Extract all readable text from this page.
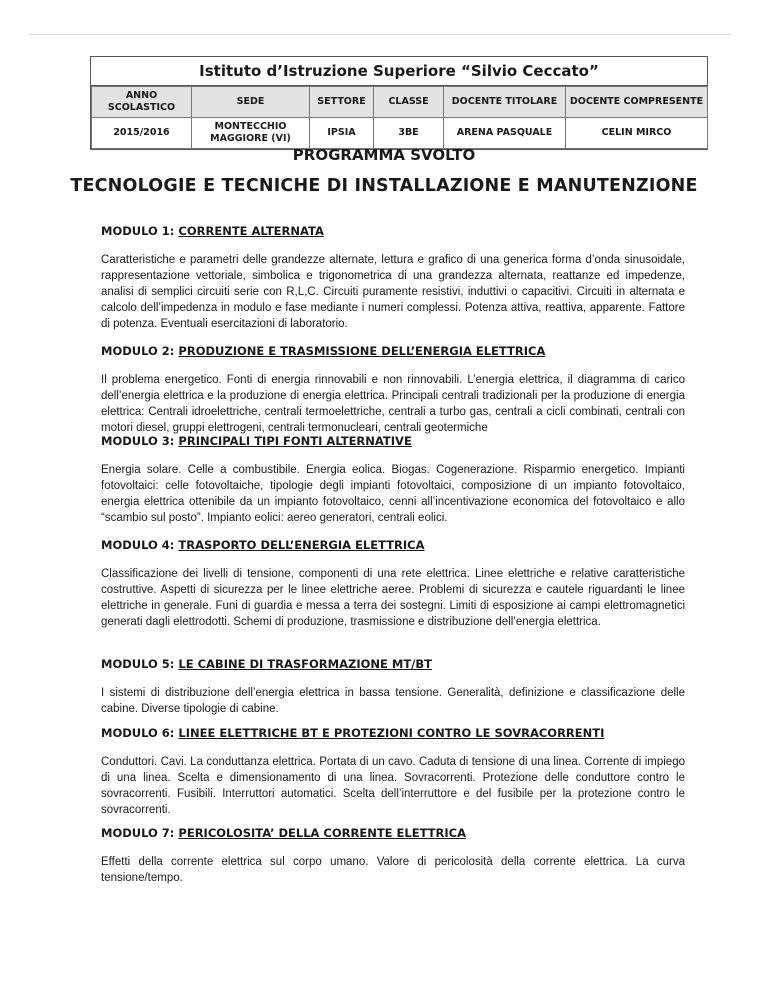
Istituto d’Istruzione Superiore “Silvio Ceccato”
ANNO SCOLASTICO	SEDE	SETTORE	CLASSE	DOCENTE TITOLARE	DOCENTE COMPRESENTE
2015/2016	MONTECCHIO MAGGIORE (VI)	IPSIA	3BE	ARENA PASQUALE	CELIN MIRCO
PROGRAMMA SVOLTO
TECNOLOGIE E TECNICHE DI INSTALLAZIONE E MANUTENZIONE
MODULO 1: CORRENTE ALTERNATA

Caratteristiche e parametri delle grandezze alternate, lettura e grafico di una generica forma d’onda sinusoidale, rappresentazione vettoriale, simbolica e trigonometrica di una grandezza alternata, reattanze ed impedenze, analisi di semplici circuiti serie con R,L,C. Circuiti puramente resistivi, induttivi o capacitivi. Circuiti in alternata e calcolo dell’impedenza in modulo e fase mediante i numeri complessi. Potenza attiva, reattiva, apparente. Fattore di potenza. Eventuali esercitazioni di laboratorio.

MODULO 2: PRODUZIONE E TRASMISSIONE DELL’ENERGIA ELETTRICA

Il problema energetico. Fonti di energia rinnovabili e non rinnovabili. L’energia elettrica, il diagramma di carico dell’energia elettrica e la produzione di energia elettrica. Principali centrali tradizionali per la produzione di energia elettrica: Centrali idroelettriche, centrali termoelettriche, centrali a turbo gas, centrali a cicli combinati, centrali con motori diesel, gruppi elettrogeni, centrali termonucleari, centrali geotermiche

MODULO 3: PRINCIPALI TIPI FONTI ALTERNATIVE

Energia solare. Celle a combustibile. Energia eolica. Biogas. Cogenerazione. Risparmio energetico. Impianti fotovoltaici: celle fotovoltaiche, tipologie degli impianti fotovoltaici, composizione di un impianto fotovoltaico, energia elettrica ottenibile da un impianto fotovoltaico, cenni all’incentivazione economica del fotovoltaico e allo “scambio sul posto”. Impianto eolici: aereo generatori, centrali eolici.

MODULO 4: TRASPORTO DELL’ENERGIA ELETTRICA

Classificazione dei livelli di tensione, componenti di una rete elettrica. Linee elettriche e relative caratteristiche costruttive. Aspetti di sicurezza per le linee elettriche aeree. Problemi di sicurezza e cautele riguardanti le linee elettriche in generale. Funi di guardia e messa a terra dei sostegni. Limiti di esposizione ai campi elettromagnetici generati dagli elettrodotti. Schemi di produzione, trasmissione e distribuzione dell’energia elettrica.

MODULO 5: LE CABINE DI TRASFORMAZIONE MT/BT

I sistemi di distribuzione dell’energia elettrica in bassa tensione. Generalità, definizione e classificazione delle cabine. Diverse tipologie di cabine.

MODULO 6: LINEE ELETTRICHE BT E PROTEZIONI CONTRO LE SOVRACORRENTI

Conduttori. Cavi. La conduttanza elettrica. Portata di un cavo. Caduta di tensione di una linea. Corrente di impiego di una linea. Scelta e dimensionamento di una linea. Sovracorrenti. Protezione delle conduttore contro le sovracorrenti. Fusibili. Interruttori automatici. Scelta dell’interruttore e del fusibile per la protezione contro le sovracorrenti.

MODULO 7: PERICOLOSITA’ DELLA CORRENTE ELETTRICA

Effetti della corrente elettrica sul corpo umano. Valore di pericolosità della corrente elettrica. La curva tensione/tempo.
